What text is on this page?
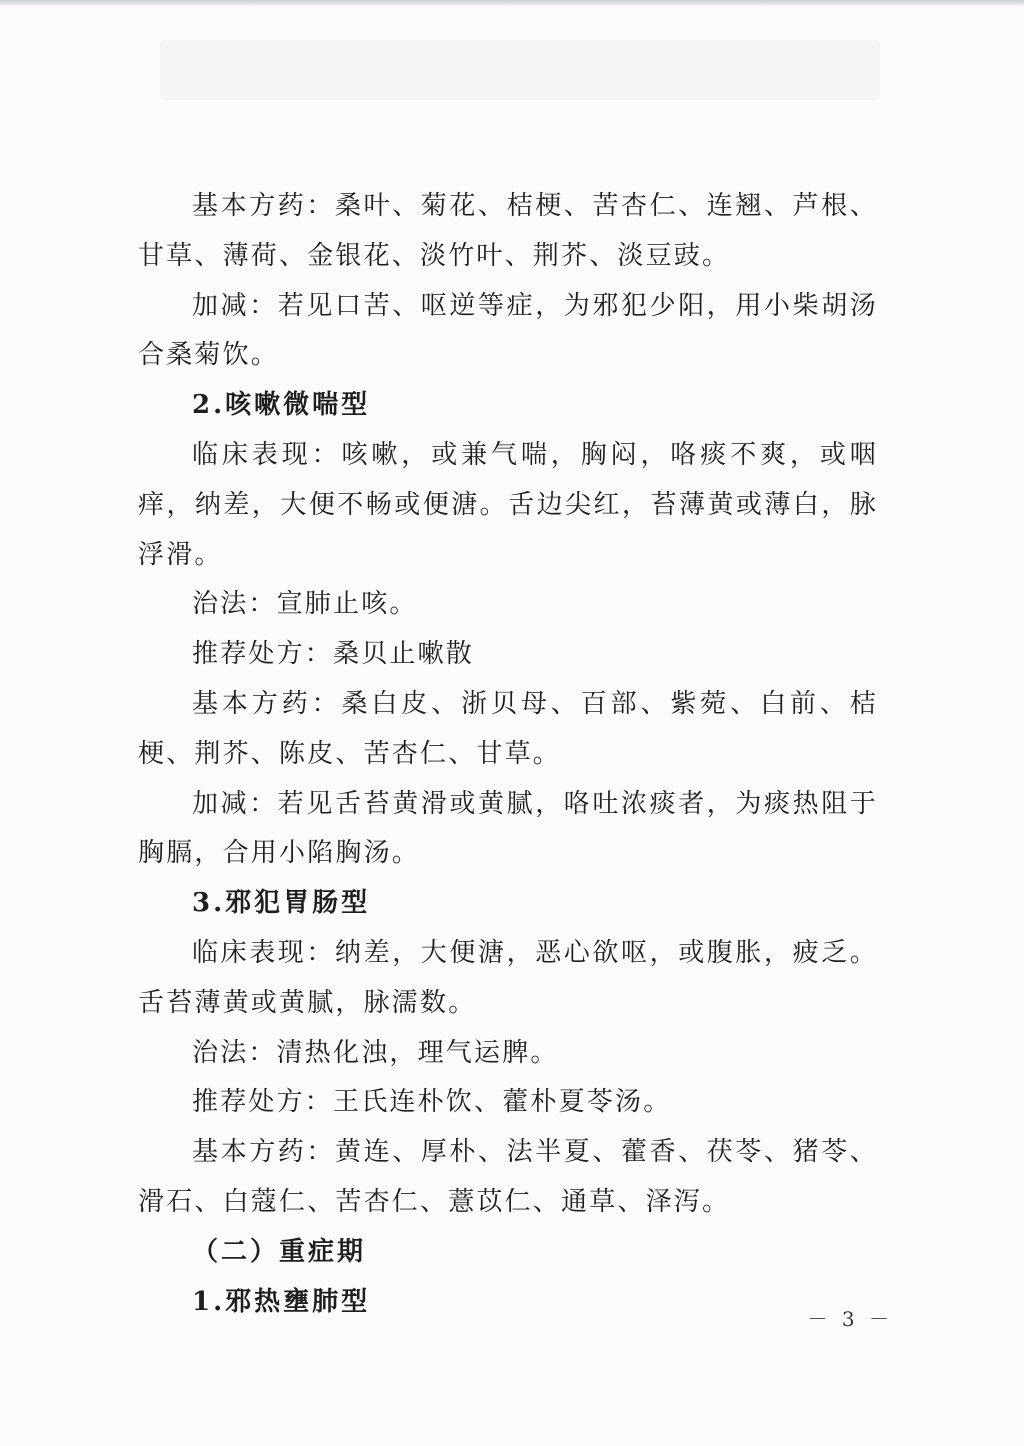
基本方药：桑叶、菊花、桔梗、苦杏仁、连翘、芦根、甘草、薄荷、金银花、淡竹叶、荆芥、淡豆豉。

加减：若见口苦、呕逆等症，为邪犯少阳，用小柴胡汤合桑菊饮。

2.咳嗽微喘型

临床表现：咳嗽，或兼气喘，胸闷，咯痰不爽，或咽痒，纳差，大便不畅或便溏。舌边尖红，苔薄黄或薄白，脉浮滑。

治法：宣肺止咳。

推荐处方：桑贝止嗽散

基本方药：桑白皮、浙贝母、百部、紫菀、白前、桔梗、荆芥、陈皮、苦杏仁、甘草。

加减：若见舌苔黄滑或黄腻，咯吐浓痰者，为痰热阻于胸膈，合用小陷胸汤。

3.邪犯胃肠型

临床表现：纳差，大便溏，恶心欲呕，或腹胀，疲乏。舌苔薄黄或黄腻，脉濡数。

治法：清热化浊，理气运脾。

推荐处方：王氏连朴饮、藿朴夏苓汤。

基本方药：黄连、厚朴、法半夏、藿香、茯苓、猪苓、滑石、白蔻仁、苦杏仁、薏苡仁、通草、泽泻。

（二）重症期

1.邪热壅肺型

－ 3 －
